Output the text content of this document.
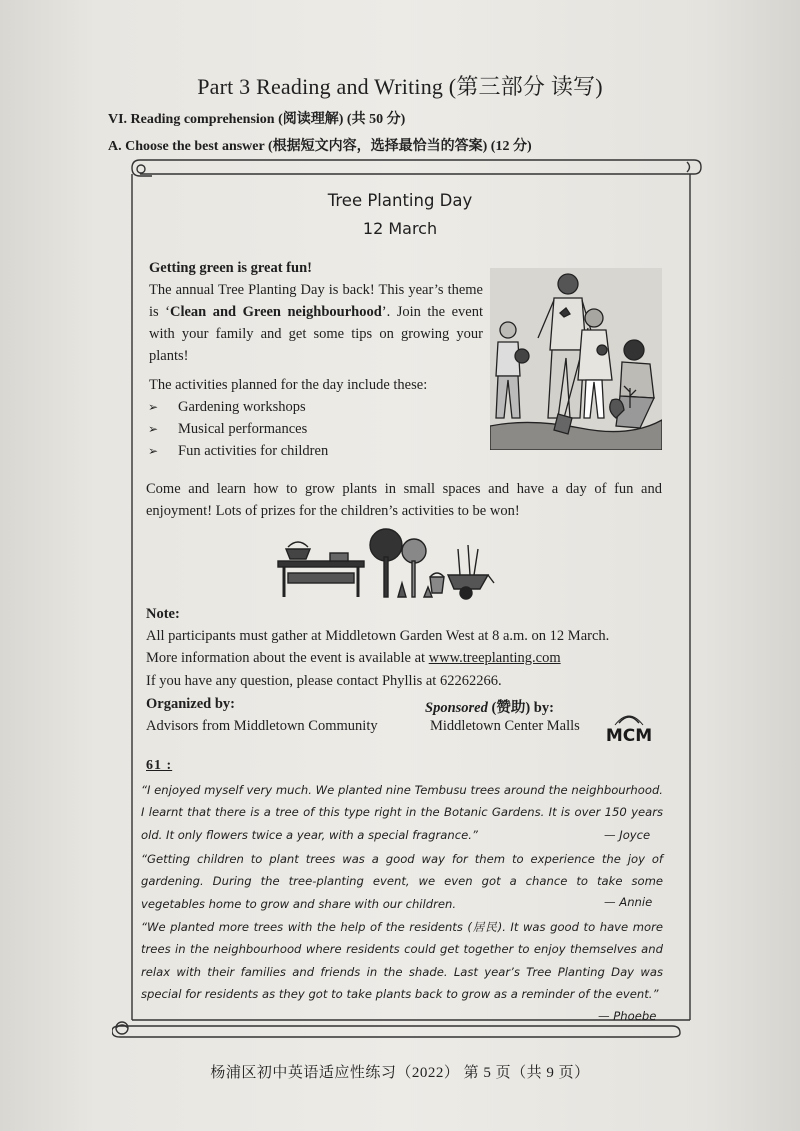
Part 3 Reading and Writing (第三部分 读写)
VI. Reading comprehension (阅读理解) (共 50 分)
A. Choose the best answer (根据短文内容，选择最恰当的答案) (12 分)
Tree Planting Day
12 March
Getting green is great fun!
The annual Tree Planting Day is back! This year’s theme is ‘Clean and Green neighbourhood’. Join the event with your family and get some tips on growing your plants!
The activities planned for the day include these:
➢	Gardening workshops
➢	Musical performances
➢	Fun activities for children
Come and learn how to grow plants in small spaces and have a day of fun and enjoyment! Lots of prizes for the children’s activities to be won!
Note:
All participants must gather at Middletown Garden West at 8 a.m. on 12 March.
More information about the event is available at www.treeplanting.com
If you have any question, please contact Phyllis at 62262266.
Organized by:	Sponsored (赞助) by:
Advisors from Middletown Community	Middletown Center Malls MCM
61 :
“I enjoyed myself very much. We planted nine Tembusu trees around the neighbourhood. I learnt that there is a tree of this type right in the Botanic Gardens. It is over 150 years old. It only flowers twice a year, with a special fragrance.”	— Joyce
“Getting children to plant trees was a good way for them to experience the joy of gardening. During the tree-planting event, we even got a chance to take some vegetables home to grow and share with our children.	— Annie
“We planted more trees with the help of the residents (居民). It was good to have more trees in the neighbourhood where residents could get together to enjoy themselves and relax with their families and friends in the shade. Last year’s Tree Planting Day was special for residents as they got to take plants back to grow as a reminder of the event.”
— Phoebe
杨浦区初中英语适应性练习（2022） 第 5 页（共 9 页）
